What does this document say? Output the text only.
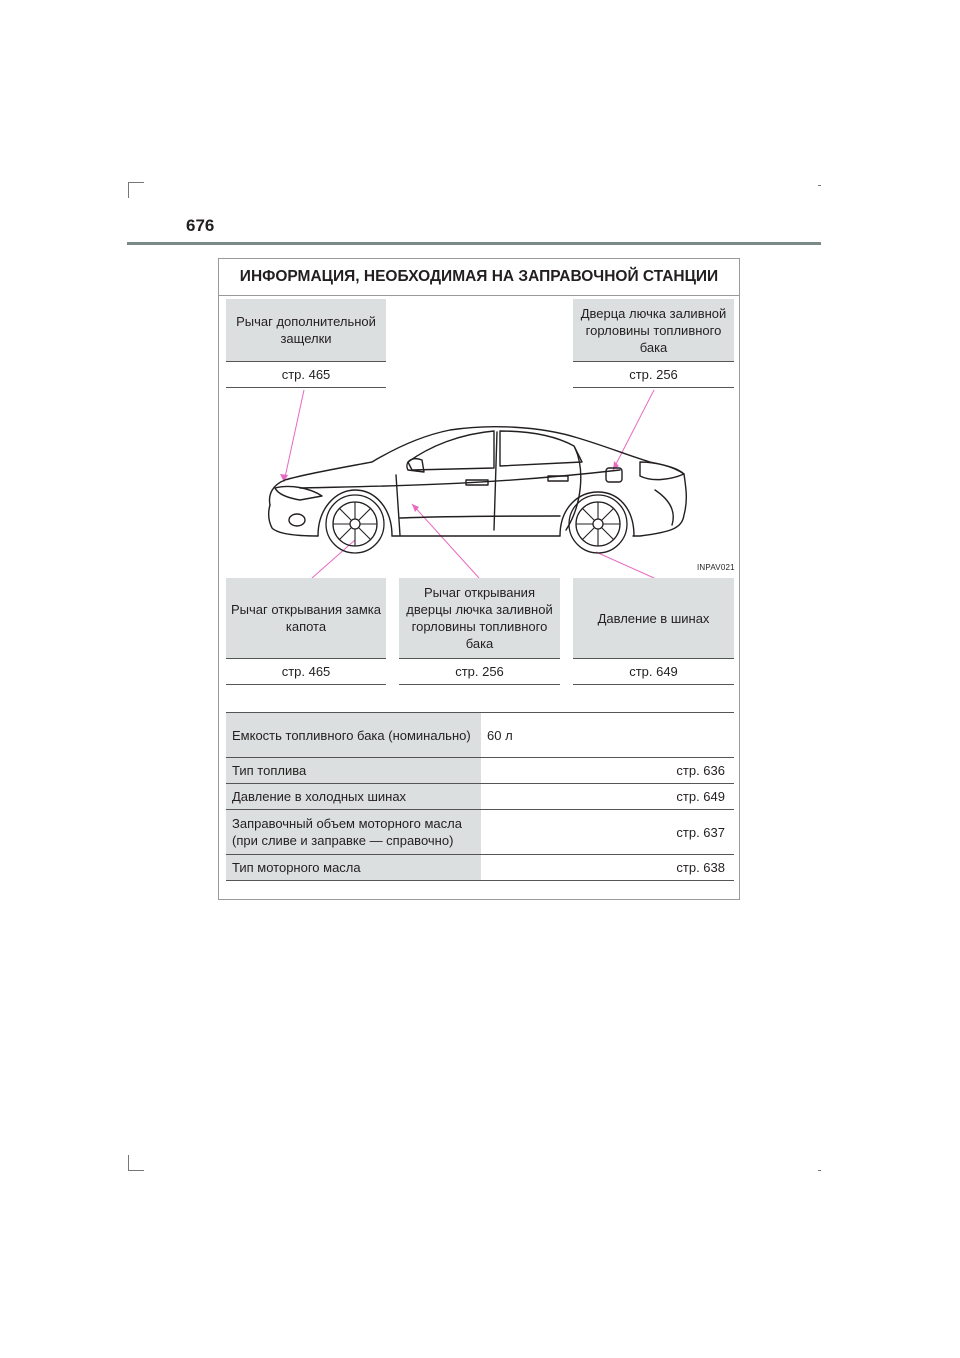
676
ИНФОРМАЦИЯ, НЕОБХОДИМАЯ НА ЗАПРАВОЧНОЙ СТАНЦИИ
Рычаг дополнительной защелки
стр. 465
Дверца лючка заливной горловины топливного бака
стр. 256
INPAV021
Рычаг открывания замка капота
стр. 465
Рычаг открывания дверцы лючка заливной горловины топливного бака
стр. 256
Давление в шинах
стр. 649
Емкость топливного бака (номинально)	60 л
Тип топлива	стр. 636
Давление в холодных шинах	стр. 649
Заправочный объем моторного масла (при сливе и заправке — справочно)	стр. 637
Тип моторного масла	стр. 638
